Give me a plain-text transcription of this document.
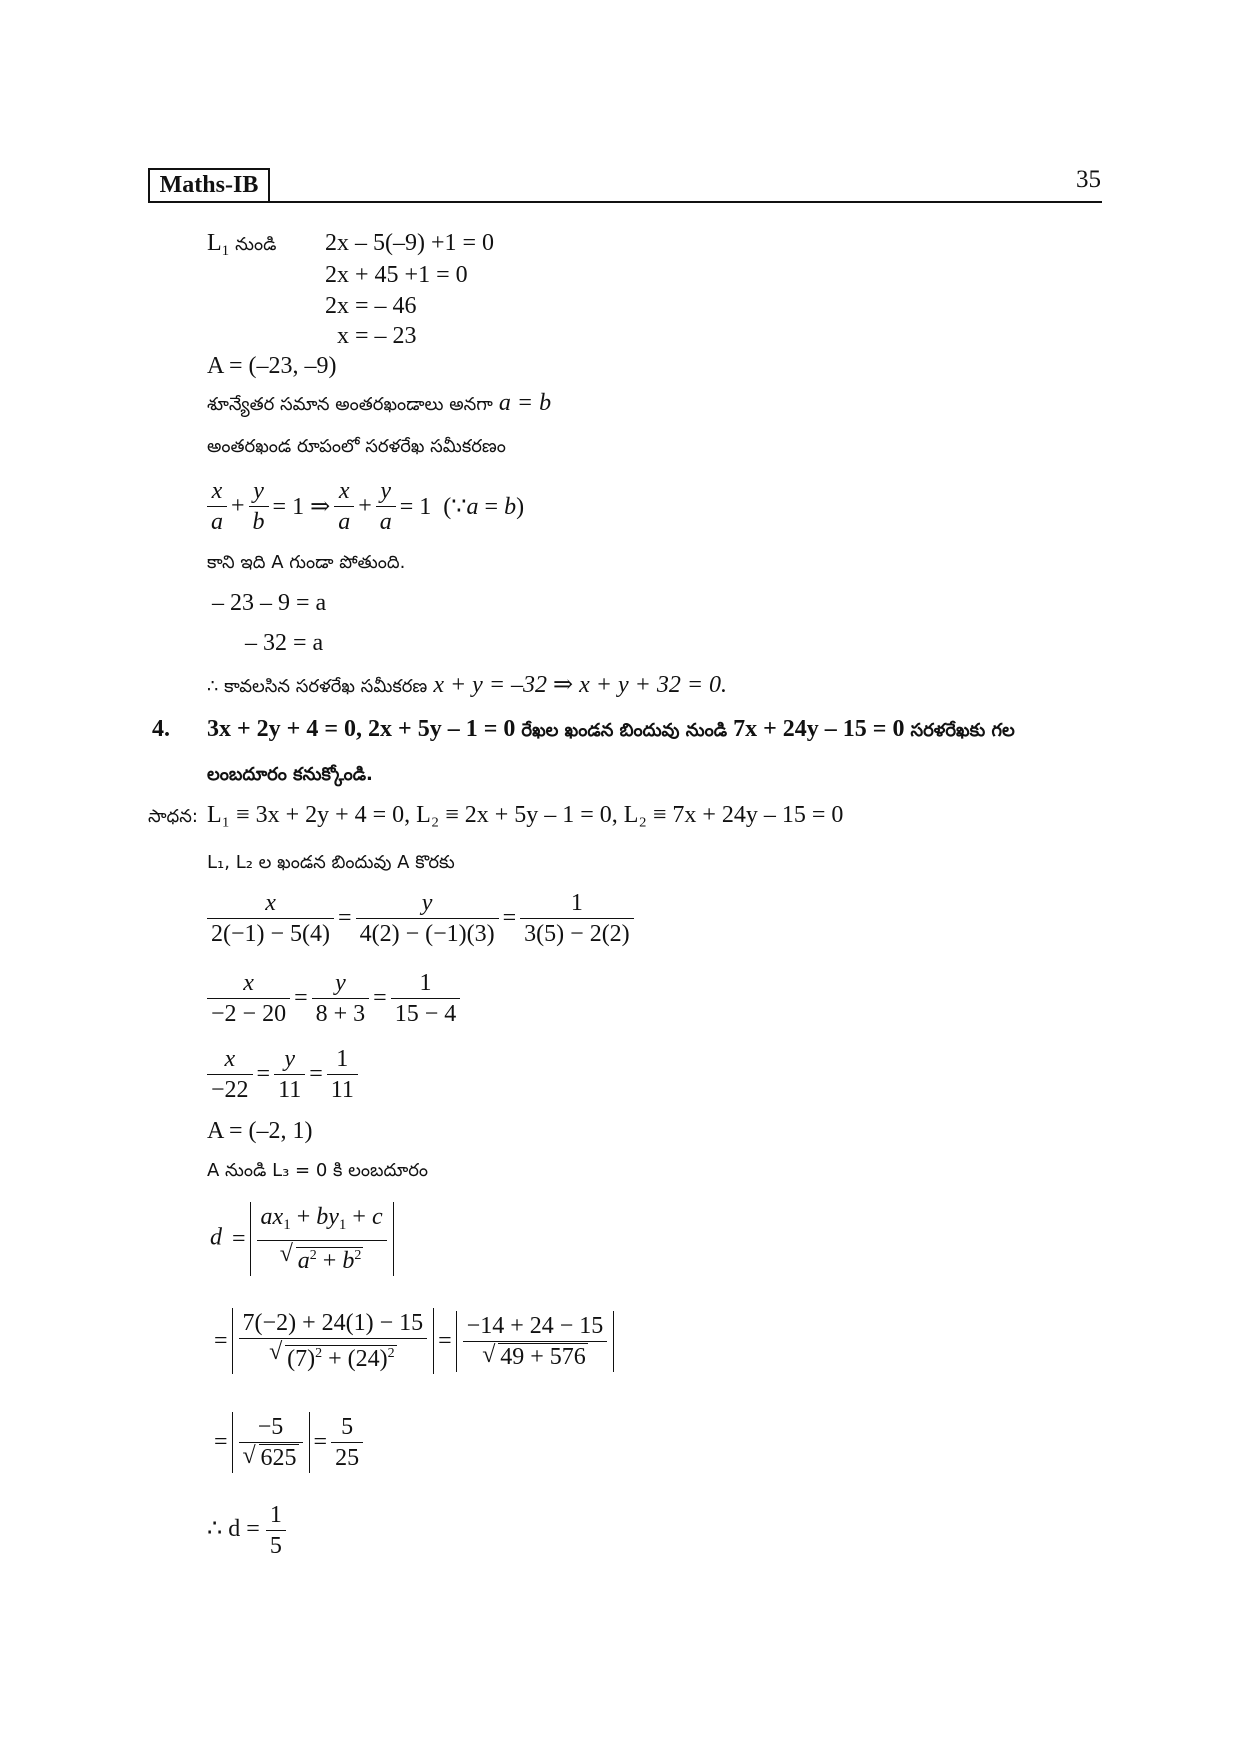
Maths-IB	35
$L_1$ నుండి 2x – 5(–9) +1 = 0
2x + 45 +1 = 0
2x = – 46
x = – 23
A = (–23, –9)
శూన్యేతర సమాన అంతరఖండాలు అనగా a = b
అంతరఖండ రూపంలో సరళరేఖ సమీకరణం
$\frac{x}{a} + \frac{y}{b} = 1$ ⇒ $\frac{x}{a} + \frac{y}{a} = 1$  (∵a = b)
కాని ఇది A గుండా పోతుంది.
– 23 – 9 = a
– 32 = a
∴ కావలసిన సరళరేఖ సమీకరణ x + y = –32 ⇒ x + y + 32 = 0.
4. 3x + 2y + 4 = 0, 2x + 5y – 1 = 0 రేఖల ఖండన బిందువు నుండి 7x + 24y – 15 = 0 సరళరేఖకు గల
లంబదూరం కనుక్కోండి.
సాధన: L₁ ≡ 3x + 2y + 4 = 0, L₂ ≡ 2x + 5y – 1 = 0, L₂ ≡ 7x + 24y – 15 = 0
L₁, L₂ ల ఖండన బిందువు A కొరకు
$\frac{x}{2(-1) - 5(4)} = \frac{y}{4(2) - (-1)(3)} = \frac{1}{3(5) - 2(2)}$
$\frac{x}{-2 - 20} = \frac{y}{8 + 3} = \frac{1}{15 - 4}$
$\frac{x}{-22} = \frac{y}{11} = \frac{1}{11}$
A = (–2, 1)
A నుండి L₃ = 0 కి లంబదూరం
$d = ax_1 + by_1 + c$
√ $a^2 + b^2$
= 7(−2) + 24(1) − 15
√ $(7)^2 + (24)^2 = -14 + 24 - 15$
√ 49 + 576
= −5
√ $625 = \frac{5}{25}$
∴ $d = \frac{1}{5}$
